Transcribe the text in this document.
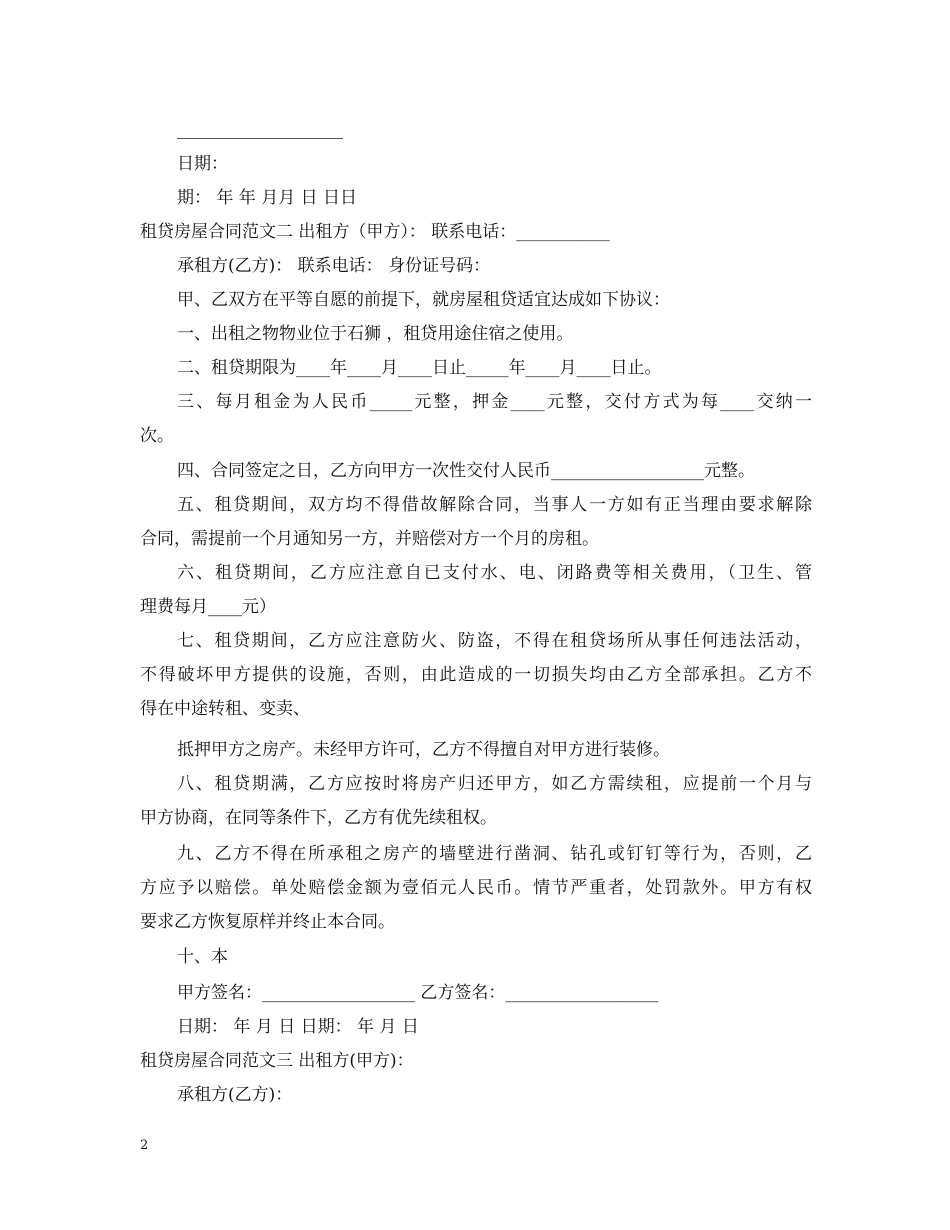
日期：
期： 年 年 月月 日 日日
租贷房屋合同范文二 出租方（甲方）： 联系电话：___________
承租方(乙方)： 联系电话： 身份证号码：
甲、乙双方在平等自愿的前提下，就房屋租贷适宜达成如下协议：
一、出租之物物业位于石狮 ，租贷用途住宿之使用。
二、租贷期限为____年____月____日止_____年____月____日止。
三、每月租金为人民币_____元整，押金____元整，交付方式为每____交纳一
次。
四、合同签定之日，乙方向甲方一次性交付人民币__________________元整。
五、租贷期间，双方均不得借故解除合同，当事人一方如有正当理由要求解除
合同，需提前一个月通知另一方，并赔偿对方一个月的房租。
六、租贷期间，乙方应注意自已支付水、电、闭路费等相关费用，（卫生、管
理费每月____元）
七、租贷期间，乙方应注意防火、防盗，不得在租贷场所从事任何违法活动，
不得破坏甲方提供的设施，否则，由此造成的一切损失均由乙方全部承担。乙方不
得在中途转租、变卖、
抵押甲方之房产。未经甲方许可，乙方不得擅自对甲方进行装修。
八、租贷期满，乙方应按时将房产归还甲方，如乙方需续租，应提前一个月与
甲方协商，在同等条件下，乙方有优先续租权。
九、乙方不得在所承租之房产的墙壁进行凿洞、钻孔或钉钉等行为，否则，乙
方应予以赔偿。单处赔偿金额为壹佰元人民币。情节严重者，处罚款外。甲方有权
要求乙方恢复原样并终止本合同。
十、本
甲方签名：__________________ 乙方签名：__________________
日期： 年 月 日 日期： 年 月 日
租贷房屋合同范文三 出租方(甲方)：
承租方(乙方)：
2
